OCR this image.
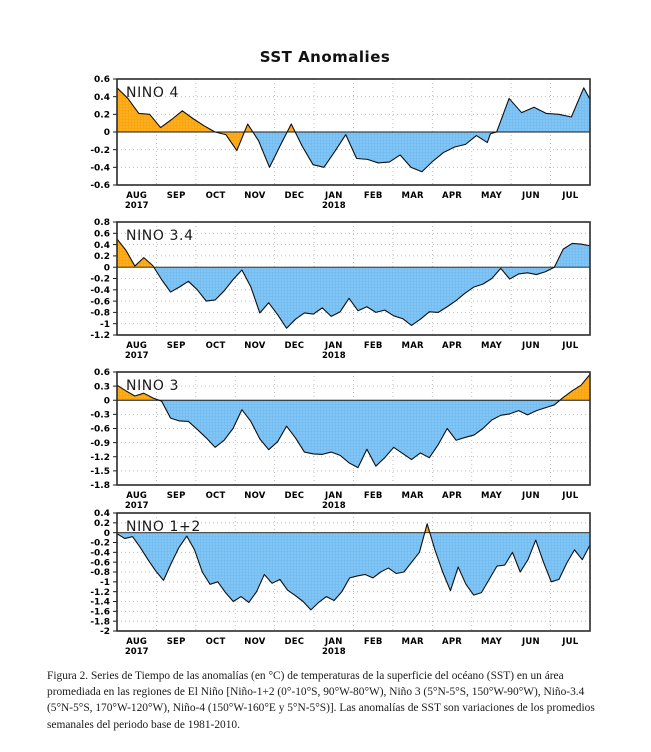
SST Anomalies
0.6
0.4
0.2
0
-0.2
-0.4
-0.6
NINO 4
AUG SEP OCT NOV DEC JAN	FEB MAR APR MAY JUN	JUL
2017	2018
0.8
0.6
0.4
0.2
0
-0.2
-0.4
-0.6
-0.8
-1
-1.2
NINO 3.4
AUG SEP OCT NOV DEC JAN	FEB MAR APR MAY JUN	JUL
2017	2018
0.6
0.3
0
-0.3
-0.6
-0.9
-1.2
-1.5
-1.8
NINO 3
AUG SEP OCT NOV DEC JAN	FEB MAR APR MAY JUN	JUL
2017	2018
0.4
0.2
0
-0.2
-0.4
-0.6
-0.8
-1
-1.2
-1.4
-1.6
-1.8
-2
NINO 1+2
AUG SEP OCT NOV DEC JAN	FEB MAR APR MAY JUN	JUL
2017	2018
Figura 2. Series de Tiempo de las anomalías (en °C) de temperaturas de la superficie del océano (SST) en un área promediada en las regiones de El Niño [Niño-1+2 (0°-10°S, 90°W-80°W), Niño 3 (5°N-5°S, 150°W-90°W), Niño-3.4 (5°N-5°S, 170°W-120°W), Niño-4 (150°W-160°E y 5°N-5°S)]. Las anomalías de SST son variaciones de los promedios semanales del periodo base de 1981-2010.
